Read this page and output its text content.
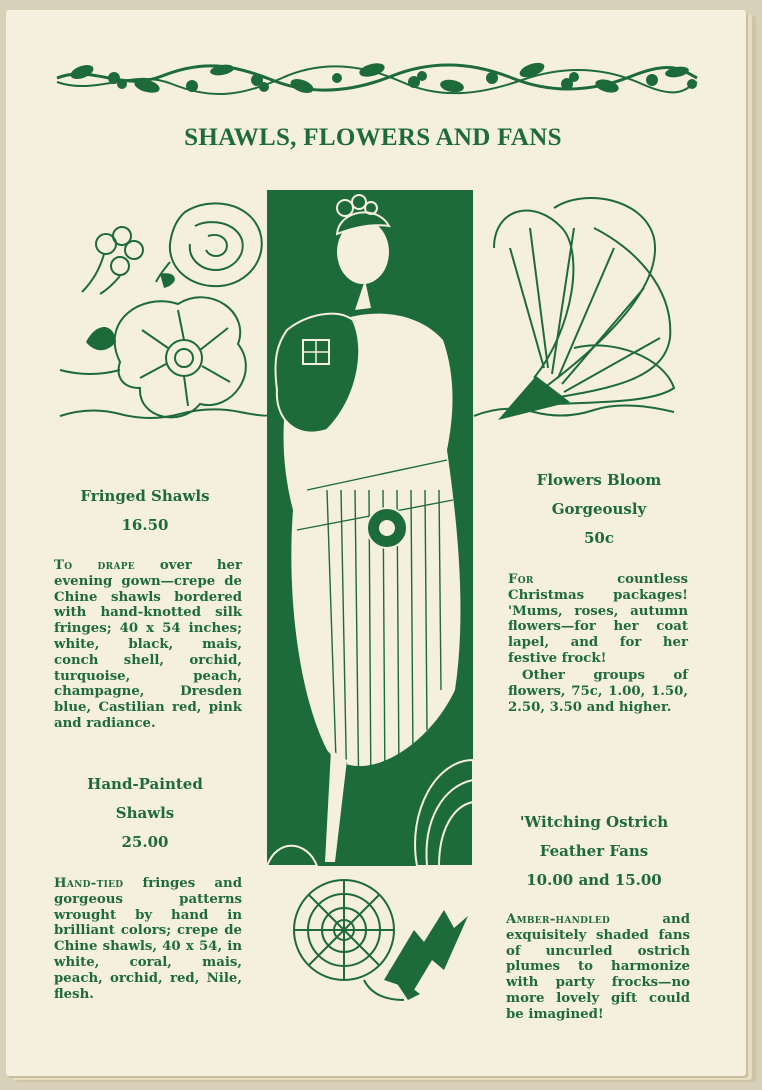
SHAWLS, FLOWERS AND FANS
Fringed Shawls
16.50

To drape over her evening gown—crepe de Chine shawls bordered with hand-knotted silk fringes; 40 x 54 inches; white, black, mais, conch shell, orchid, turquoise, peach, champagne, Dresden blue, Castilian red, pink and radiance.

Hand-Painted
Shawls
25.00

Hand-tied fringes and gorgeous patterns wrought by hand in brilliant colors; crepe de Chine shawls, 40 x 54, in white, coral, mais, peach, orchid, red, Nile, flesh.

Flowers Bloom
Gorgeously
50c

For countless Christmas packages! 'Mums, roses, autumn flowers—for her coat lapel, and for her festive frock!

Other groups of flowers, 75c, 1.00, 1.50, 2.50, 3.50 and higher.

'Witching Ostrich
Feather Fans
10.00 and 15.00

Amber-handled and exquisitely shaded fans of uncurled ostrich plumes to harmonize with party frocks—no more lovely gift could be imagined!
